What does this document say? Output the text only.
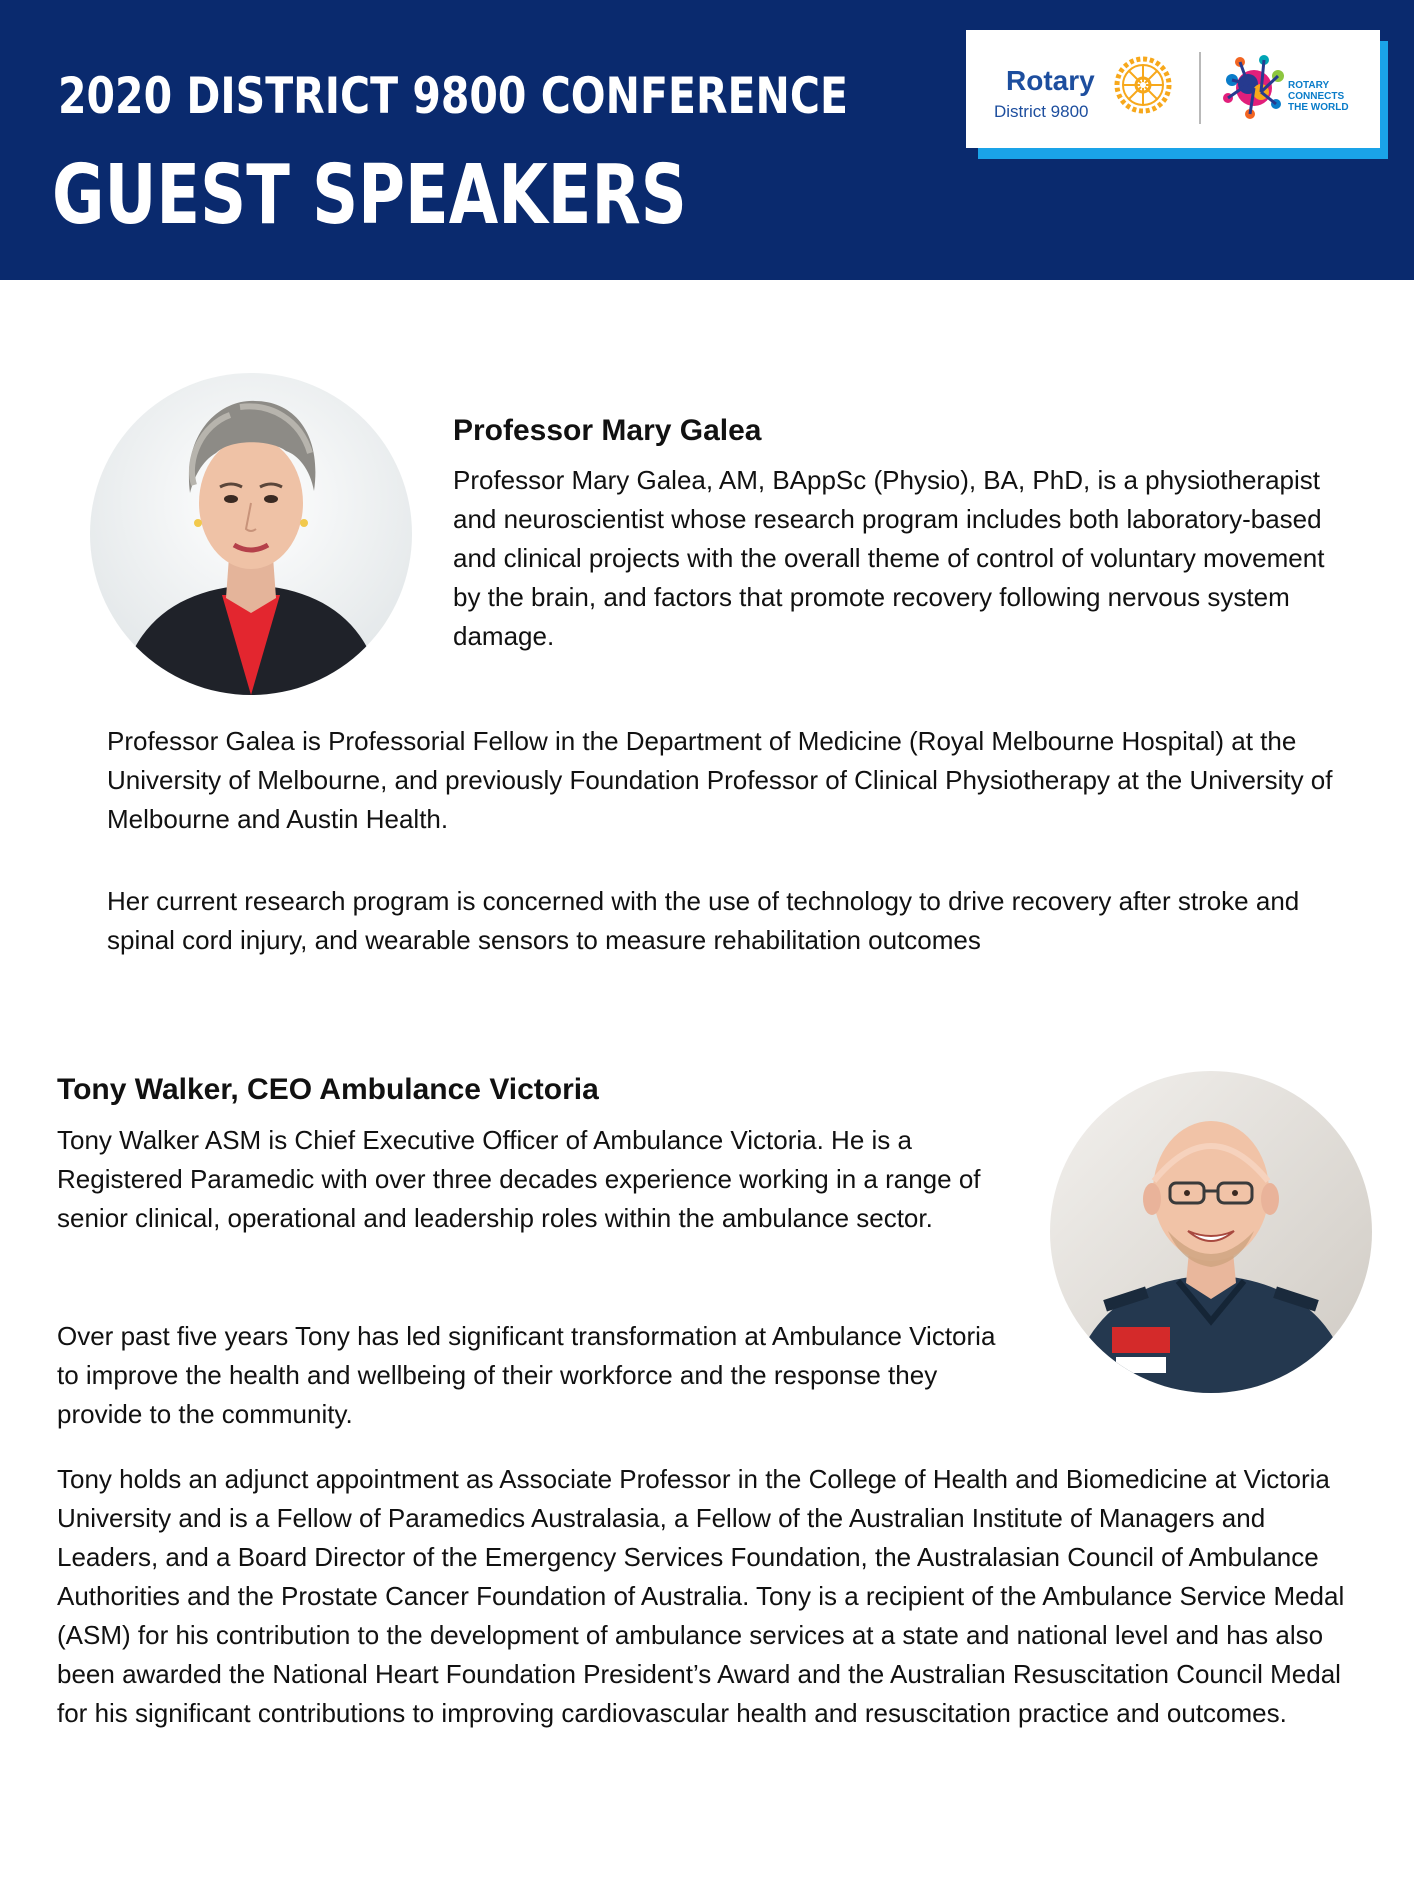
2020 DISTRICT 9800 CONFERENCE
GUEST SPEAKERS
Rotary
District 9800
ROTARY
CONNECTS
THE WORLD
Professor Mary Galea

Professor Mary Galea, AM, BAppSc (Physio), BA, PhD, is a physiotherapist and neuroscientist whose research program includes both laboratory-based and clinical projects with the overall theme of control of voluntary movement by the brain, and factors that promote recovery following nervous system damage.

Professor Galea is Professorial Fellow in the Department of Medicine (Royal Melbourne Hospital) at the University of Melbourne, and previously Foundation Professor of Clinical Physiotherapy at the University of Melbourne and Austin Health.

Her current research program is concerned with the use of technology to drive recovery after stroke and spinal cord injury, and wearable sensors to measure rehabilitation outcomes

Tony Walker, CEO Ambulance Victoria

Tony Walker ASM is Chief Executive Officer of Ambulance Victoria. He is a Registered Paramedic with over three decades experience working in a range of senior clinical, operational and leadership roles within the ambulance sector.

Over past five years Tony has led significant transformation at Ambulance Victoria to improve the health and wellbeing of their workforce and the response they provide to the community.

Tony holds an adjunct appointment as Associate Professor in the College of Health and Biomedicine at Victoria University and is a Fellow of Paramedics Australasia, a Fellow of the Australian Institute of Managers and Leaders, and a Board Director of the Emergency Services Foundation, the Australasian Council of Ambulance Authorities and the Prostate Cancer Foundation of Australia. Tony is a recipient of the Ambulance Service Medal (ASM) for his contribution to the development of ambulance services at a state and national level and has also been awarded the National Heart Foundation President’s Award and the Australian Resuscitation Council Medal for his significant contributions to improving cardiovascular health and resuscitation practice and outcomes.
